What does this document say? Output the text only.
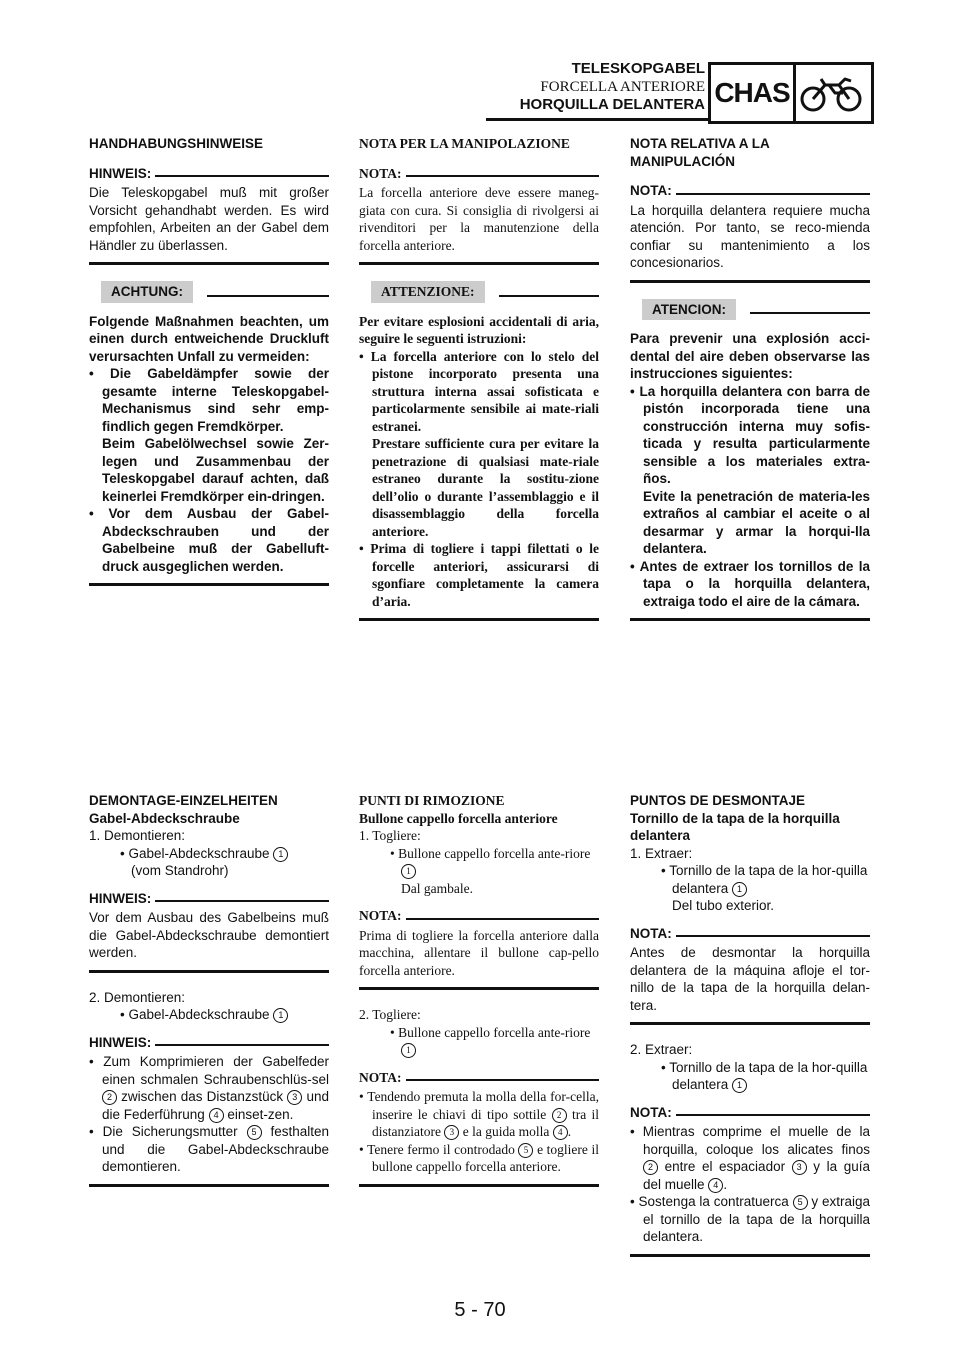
TELESKOPGABEL
FORCELLA ANTERIORE
HORQUILLA DELANTERA CHAS

HANDHABUNGSHINWEISE

HINWEIS:

Die Teleskopgabel muß mit großer Vorsicht gehandhabt werden. Es wird empfohlen, Arbeiten an der Gabel dem Händler zu überlassen.

ACHTUNG:

Folgende Maßnahmen beachten, um einen durch entweichende Druckluft verursachten Unfall zu vermeiden:

• Die Gabeldämpfer sowie der gesamte interne Teleskopgabel-Mechanismus sind sehr emp-findlich gegen Fremdkörper.

Beim Gabelölwechsel sowie Zer-legen und Zusammenbau der Teleskopgabel darauf achten, daß keinerlei Fremdkörper ein-dringen.

• Vor dem Ausbau der Gabel-Abdeckschrauben und der Gabelbeine muß der Gabelluft-druck ausgeglichen werden.

NOTA PER LA MANIPOLAZIONE

NOTA:

La forcella anteriore deve essere maneg-giata con cura. Si consiglia di rivolgersi ai rivenditori per la manutenzione della forcella anteriore.

ATTENZIONE:

Per evitare esplosioni accidentali di aria, seguire le seguenti istruzioni:

• La forcella anteriore con lo stelo del pistone incorporato presenta una struttura interna assai sofisticata e particolarmente sensibile ai mate-riali estranei.

Prestare sufficiente cura per evitare la penetrazione di qualsiasi mate-riale estraneo durante la sostitu-zione dell’olio o durante l’assemblaggio e il disassemblaggio della forcella anteriore.

• Prima di togliere i tappi filettati o le forcelle anteriori, assicurarsi di sgonfiare completamente la camera d’aria.

NOTA RELATIVA A LA MANIPULACIÓN

NOTA:

La horquilla delantera requiere mucha atención. Por tanto, se reco-mienda confiar su mantenimiento a los concesionarios.

ATENCION:

Para prevenir una explosión acci-dental del aire deben observarse las instrucciones siguientes:

• La horquilla delantera con barra de pistón incorporada tiene una construcción interna muy sofis-ticada y resulta particularmente sensible a los materiales extra-ños.

Evite la penetración de materia-les extraños al cambiar el aceite o al desarmar y armar la horqui-lla delantera.

• Antes de extraer los tornillos de la tapa o la horquilla delantera, extraiga todo el aire de la cámara.

DEMONTAGE-EINZELHEITEN

Gabel-Abdeckschraube

1. Demontieren:

• Gabel-Abdeckschraube 1

(vom Standrohr)

HINWEIS:

Vor dem Ausbau des Gabelbeins muß die Gabel-Abdeckschraube demontiert werden.

2. Demontieren:

• Gabel-Abdeckschraube 1

HINWEIS:

• Zum Komprimieren der Gabelfeder einen schmalen Schraubenschlüs-sel 2 zwischen das Distanzstück 3 und die Federführung 4 einset-zen.

• Die Sicherungsmutter 5 festhalten und die Gabel-Abdeckschraube demontieren.

PUNTI DI RIMOZIONE

Bullone cappello forcella anteriore

1. Togliere:

• Bullone cappello forcella ante-riore 1

Dal gambale.

NOTA:

Prima di togliere la forcella anteriore dalla macchina, allentare il bullone cap-pello forcella anteriore.

2. Togliere:

• Bullone cappello forcella ante-riore 1

NOTA:

• Tendendo premuta la molla della for-cella, inserire le chiavi di tipo sottile 2 tra il distanziatore 3 e la guida molla 4 .

• Tenere fermo il controdado 5 e togliere il bullone cappello forcella anteriore.

PUNTOS DE DESMONTAJE

Tornillo de la tapa de la horquilla delantera

1. Extraer:

• Tornillo de la tapa de la hor-quilla delantera 1

Del tubo exterior.

NOTA:

Antes de desmontar la horquilla delantera de la máquina afloje el tor-nillo de la tapa de la horquilla delan-tera.

2. Extraer:

• Tornillo de la tapa de la hor-quilla delantera 1

NOTA:

• Mientras comprime el muelle de la horquilla, coloque los alicates finos 2 entre el espaciador 3 y la guía del muelle 4 .

• Sostenga la contratuerca 5 y extraiga el tornillo de la tapa de la horquilla delantera.

5 - 70
